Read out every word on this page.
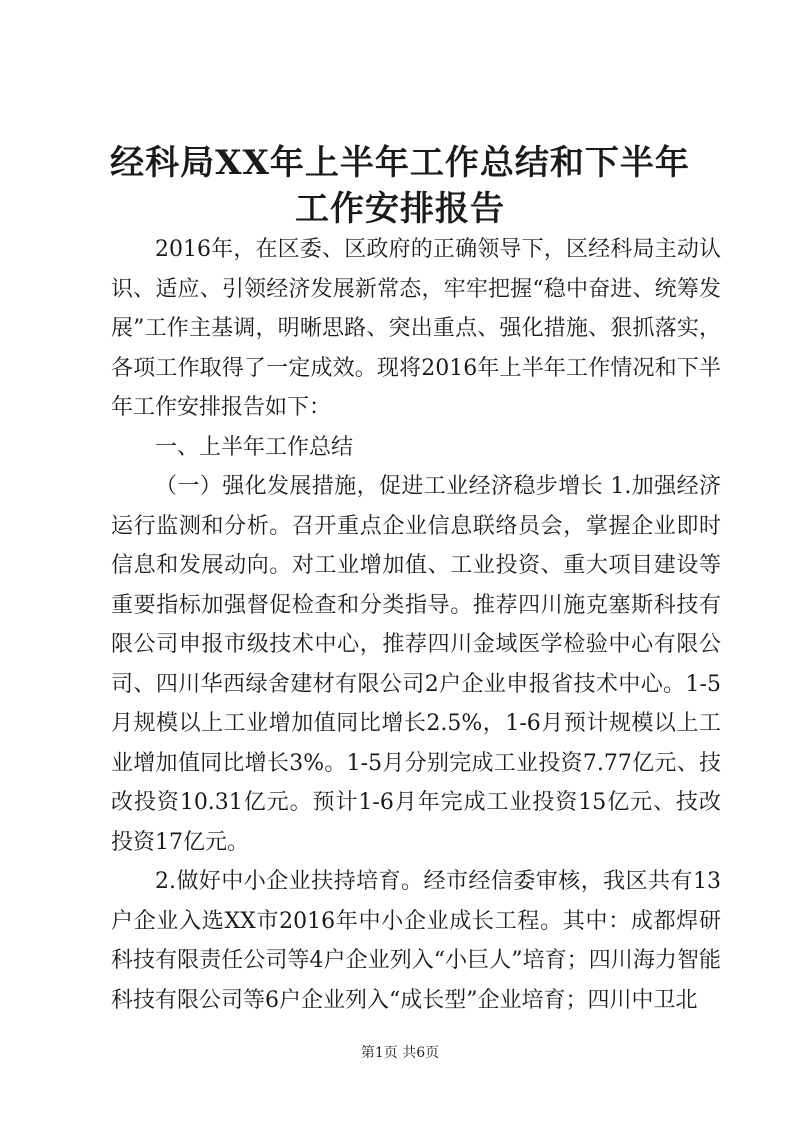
经科局XX年上半年工作总结和下半年工作安排报告

2016年，在区委、区政府的正确领导下，区经科局主动认识、适应、引领经济发展新常态，牢牢把握“稳中奋进、统筹发展”工作主基调，明晰思路、突出重点、强化措施、狠抓落实，各项工作取得了一定成效。现将2016年上半年工作情况和下半年工作安排报告如下：

一、上半年工作总结

（一）强化发展措施，促进工业经济稳步增长 1.加强经济运行监测和分析。召开重点企业信息联络员会，掌握企业即时信息和发展动向。对工业增加值、工业投资、重大项目建设等重要指标加强督促检查和分类指导。推荐四川施克塞斯科技有限公司申报市级技术中心，推荐四川金域医学检验中心有限公司、四川华西绿舍建材有限公司2户企业申报省技术中心。1-5月规模以上工业增加值同比增长2.5%，1-6月预计规模以上工业增加值同比增长3%。1-5月分别完成工业投资7.77亿元、技改投资10.31亿元。预计1-6月年完成工业投资15亿元、技改投资17亿元。

2.做好中小企业扶持培育。经市经信委审核，我区共有13户企业入选XX市2016年中小企业成长工程。其中：成都焊研科技有限责任公司等4户企业列入“小巨人”培育；四川海力智能科技有限公司等6户企业列入“成长型”企业培育；四川中卫北

第1页 共6页
